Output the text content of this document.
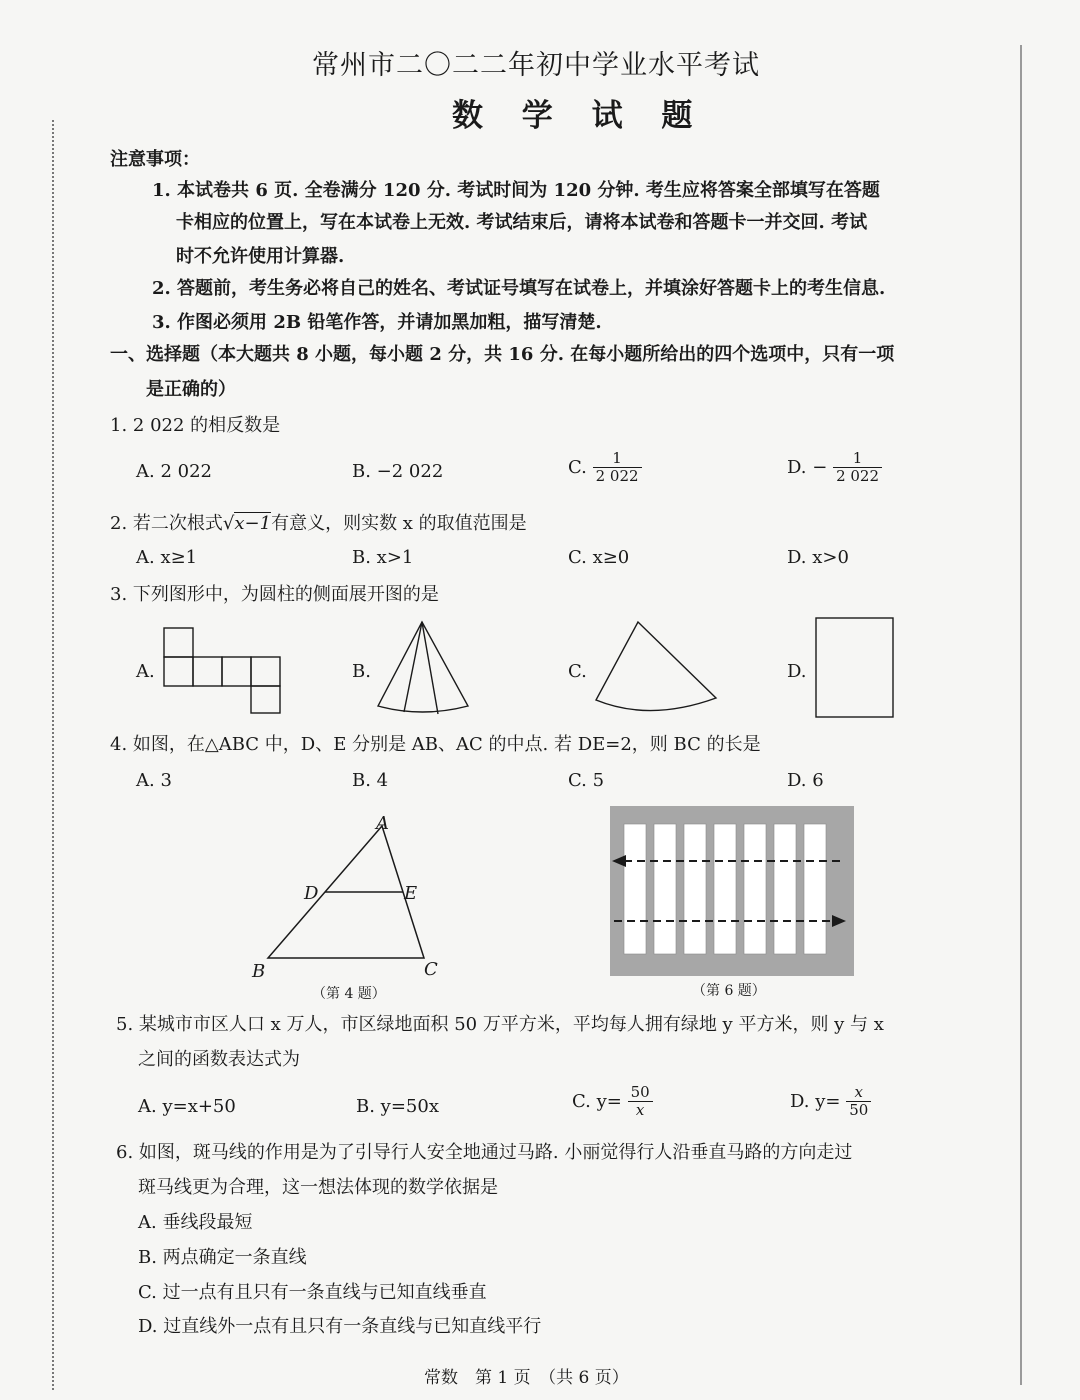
常州市二〇二二年初中学业水平考试
数 学 试 题
注意事项：
1. 本试卷共 6 页. 全卷满分 120 分. 考试时间为 120 分钟. 考生应将答案全部填写在答题
卡相应的位置上，写在本试卷上无效. 考试结束后，请将本试卷和答题卡一并交回. 考试
时不允许使用计算器.
2. 答题前，考生务必将自己的姓名、考试证号填写在试卷上，并填涂好答题卡上的考生信息.
3. 作图必须用 2B 铅笔作答，并请加黑加粗，描写清楚.
一、选择题（本大题共 8 小题，每小题 2 分，共 16 分. 在每小题所给出的四个选项中，只有一项
是正确的）
1. 2 022 的相反数是
A. 2 022	B. −2 022	C. $\frac{1}{2 022}$	D. − $\frac{1}{2 022}$
2. 若二次根式√x−1有意义，则实数 x 的取值范围是
A. x≥1	B. x>1	C. x≥0	D. x>0
3. 下列图形中，为圆柱的侧面展开图的是
A.	B.	C.	D.
4. 如图，在△ABC 中，D、E 分别是 AB、AC 的中点. 若 DE=2，则 BC 的长是
A. 3	B. 4	C. 5	D. 6
A
D	E
B	C
（第 4 题）	（第 6 题）
5. 某城市市区人口 x 万人，市区绿地面积 50 万平方米，平均每人拥有绿地 y 平方米，则 y 与 x
之间的函数表达式为
A. y=x+50	B. y=50x	C. $y= \frac{50}{x}$	D. $y= \frac{x}{50}$
6. 如图，斑马线的作用是为了引导行人安全地通过马路. 小丽觉得行人沿垂直马路的方向走过
斑马线更为合理，这一想法体现的数学依据是
A. 垂线段最短
B. 两点确定一条直线
C. 过一点有且只有一条直线与已知直线垂直
D. 过直线外一点有且只有一条直线与已知直线平行
常数　第 1 页　（共 6 页）
